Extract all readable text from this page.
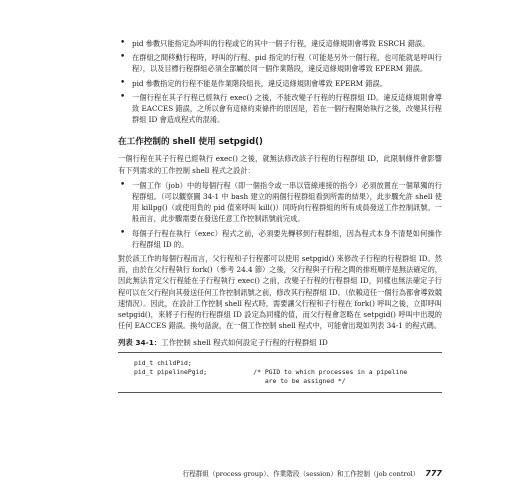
• pid 參數只能指定為呼叫的行程或它的其中一個子行程，違反這條規則會導致 ESRCH 錯誤。
• 在群組之間移動行程時，呼叫的行程、pid 指定的行程（可能是另外一個行程，也可能就是呼叫行程），以及目標行程群組必須全部屬於同一個作業階段，違反這條規則會導致 EPERM 錯誤。
• pid 參數指定的行程不能是作業階段組長，違反這條規則會導致 EPERM 錯誤。
• 一個行程在其子行程已經執行 exec() 之後，不能改變子行程的行程群組 ID。違反這條規則會導致 EACCES 錯誤，之所以會有這條約束條件的原因是，若在一個行程開始執行之後，改變其行程群組 ID 會造成程式的混淆。
在工作控制的 shell 使用 setpgid()

一個行程在其子行程已經執行 exec() 之後，就無法修改該子行程的行程群組 ID，此限制條件會影響有下列需求的工作控制 shell 程式之設計：

• 一個工作（job）中的每個行程（即一個指令或一串以管線連接的指令）必須放置在一個單獨的行程群組。（可以觀察圖 34-1 中 bash 建立的兩個行程群組看到所需的結果），此步驟允許 shell 使用 killpg()（或使用負的 pid 值來呼叫 kill()）同時向行程群組的所有成員發送工作控制訊號。一般而言，此步驟需要在發送任意工作控制訊號前完成。
• 每個子行程在執行（exec）程式之前，必須要先轉移到行程群組，因為程式本身不清楚如何操作行程群組 ID 的。

對於該工作的每個行程而言，父行程和子行程都可以使用 setpgid() 來修改子行程的行程群組 ID。然而，由於在父行程執行 fork()（參考 24.4 節）之後，父行程與子行程之間的排班順序是無法確定的，因此無法肯定父行程能在子行程執行 exec() 之前，改變子行程的行程群組 ID，同樣也無法確定子行程可以在父行程向其發送任何工作控制訊號之前，修改其行程群組 ID。（依賴這任一個行為都會導致競速情況）。因此，在設計工作控制 shell 程式時，需要讓父行程和子行程在 fork() 呼叫之後，立即呼叫 setpgid()，來將子行程的行程群組 ID 設定為同樣的值，而父行程會忽略在 setpgid() 呼叫中出現的任何 EACCES 錯誤。換句話說，在一個工作控制 shell 程式中，可能會出現如列表 34-1 的程式碼。

列表 34-1：工作控制 shell 程式如何設定子行程的行程群組 ID
pid_t childPid;
pid_t pipelinePgid;            /* PGID to which processes in a pipeline
are to be assigned */
行程群組（process group）、作業階段（session）和工作控制（job control） 777
